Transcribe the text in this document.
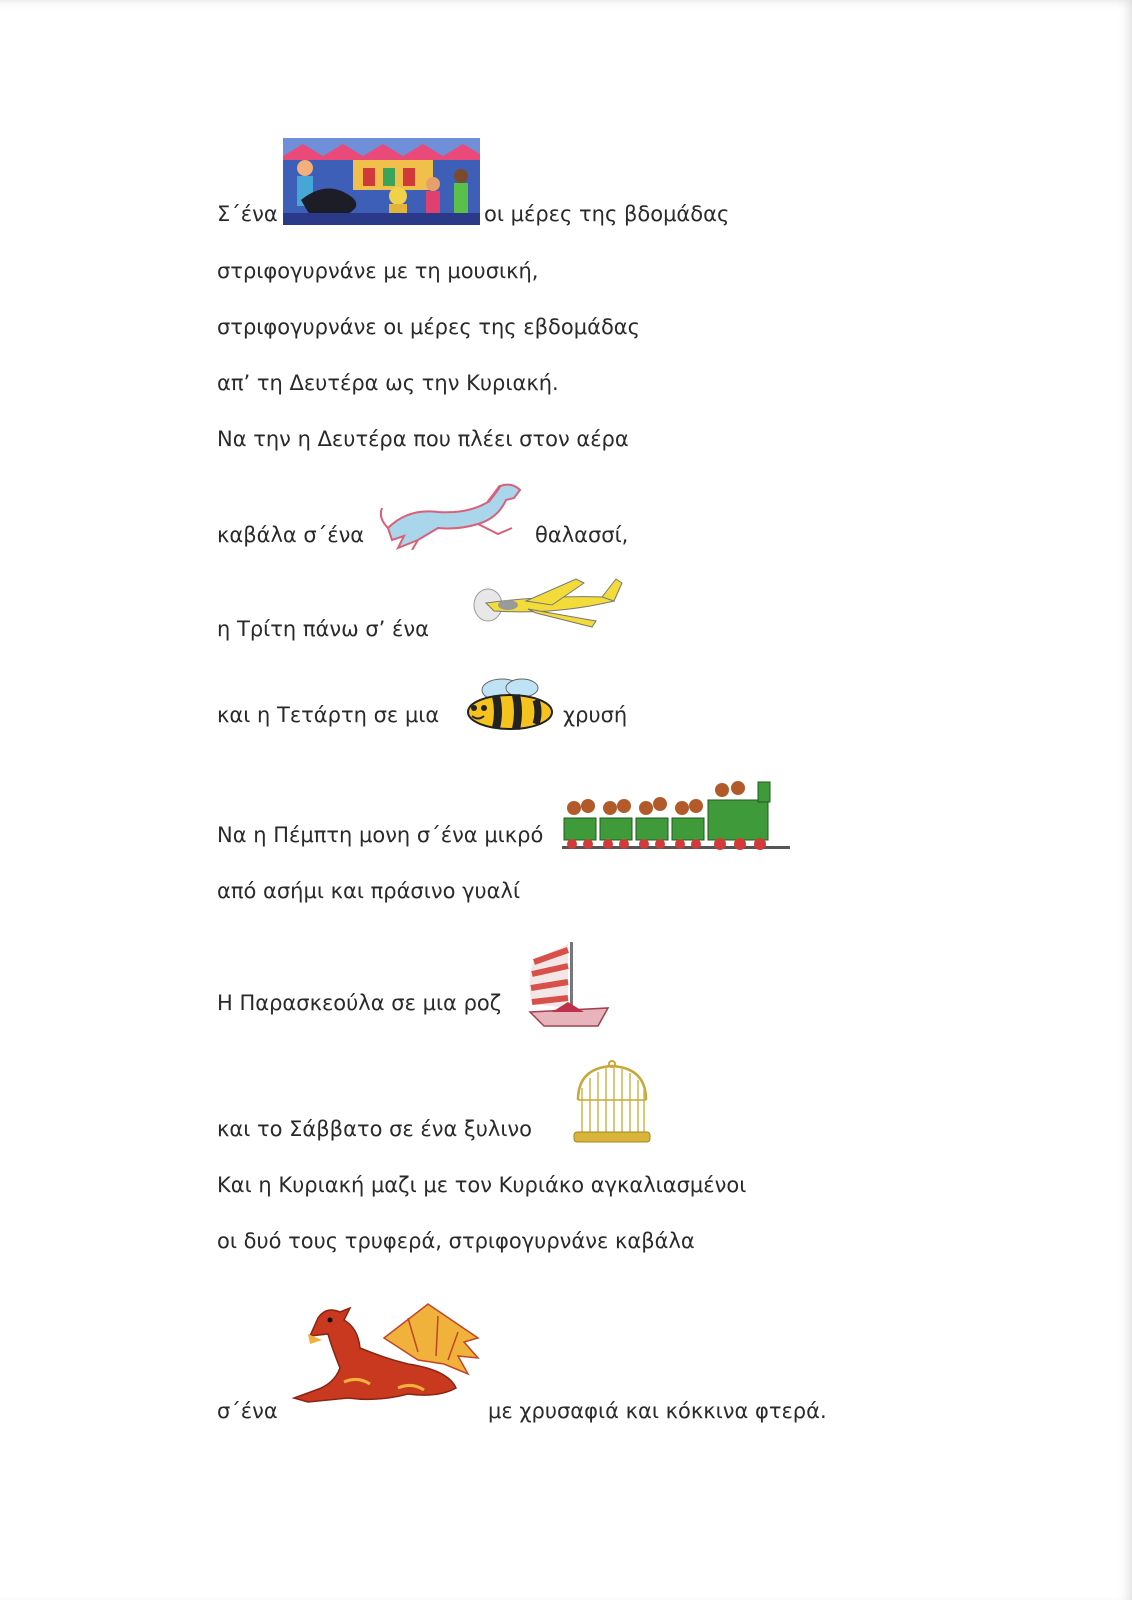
Σ΄ένα	οι μέρες της βδομάδας
στριφογυρνάνε με τη μουσική,
στριφογυρνάνε οι μέρες της εβδομάδας
απ’ τη Δευτέρα ως την Κυριακή.
Να την η Δευτέρα που πλέει στον αέρα
καβάλα σ΄ένα	θαλασσί,
η Τρίτη πάνω σ’ ένα
και η Τετάρτη σε μια	χρυσή
Να η Πέμπτη μονη σ΄ένα μικρό
από ασήμι και πράσινο γυαλί
Η Παρασκεούλα σε μια ροζ
και το Σάββατο σε ένα ξυλινο
Και η Κυριακή μαζι με τον Κυριάκο αγκαλιασμένοι
οι δυό τους τρυφερά, στριφογυρνάνε καβάλα
σ΄ένα	με χρυσαφιά και κόκκινα φτερά.
